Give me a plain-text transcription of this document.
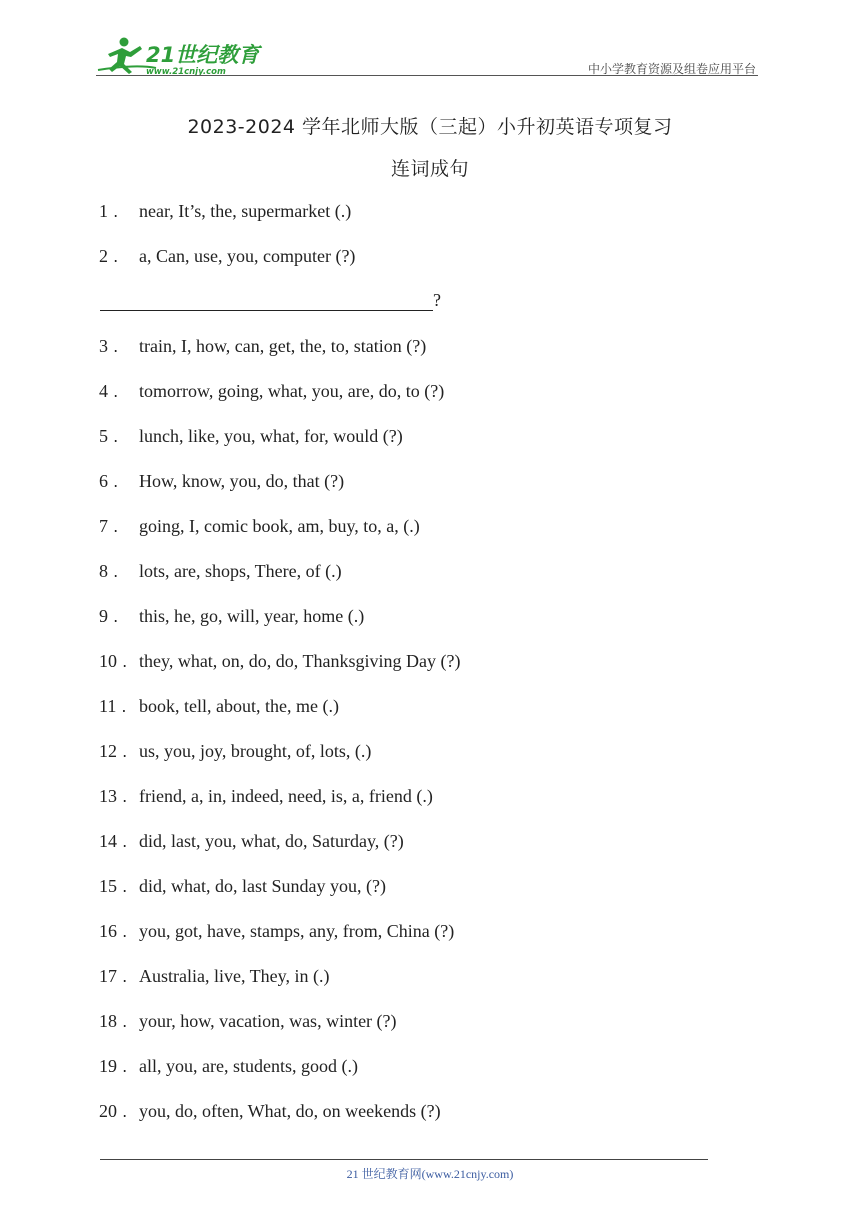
21世纪教育
www.21cnjy.com	中小学教育资源及组卷应用平台
2023-2024 学年北师大版（三起）小升初英语专项复习
连词成句
1 . near, It’s, the, supermarket (.)
2 . a, Can, use, you, computer (?)
3 . train, I, how, can, get, the, to, station (?)
4 . tomorrow, going, what, you, are, do, to (?)
5 . lunch, like, you, what, for, would (?)
6 . How, know, you, do, that (?)
7 . going, I, comic book, am, buy, to, a, (.)
8 . lots, are, shops, There, of (.)
9 . this, he, go, will, year, home (.)
10 . they, what, on, do, do, Thanksgiving Day (?)
11 . book, tell, about, the, me (.)
12 . us, you, joy, brought, of, lots, (.)
13 . friend, a, in, indeed, need, is, a, friend (.)
14 . did, last, you, what, do, Saturday, (?)
15 . did, what, do, last Sunday you, (?)
16 . you, got, have, stamps, any, from, China (?)
17 . Australia, live, They, in (.)
18 . your, how, vacation, was, winter (?)
19 . all, you, are, students, good (.)
20 . you, do, often, What, do, on weekends (?)
?
21 世纪教育网(www.21cnjy.com)
